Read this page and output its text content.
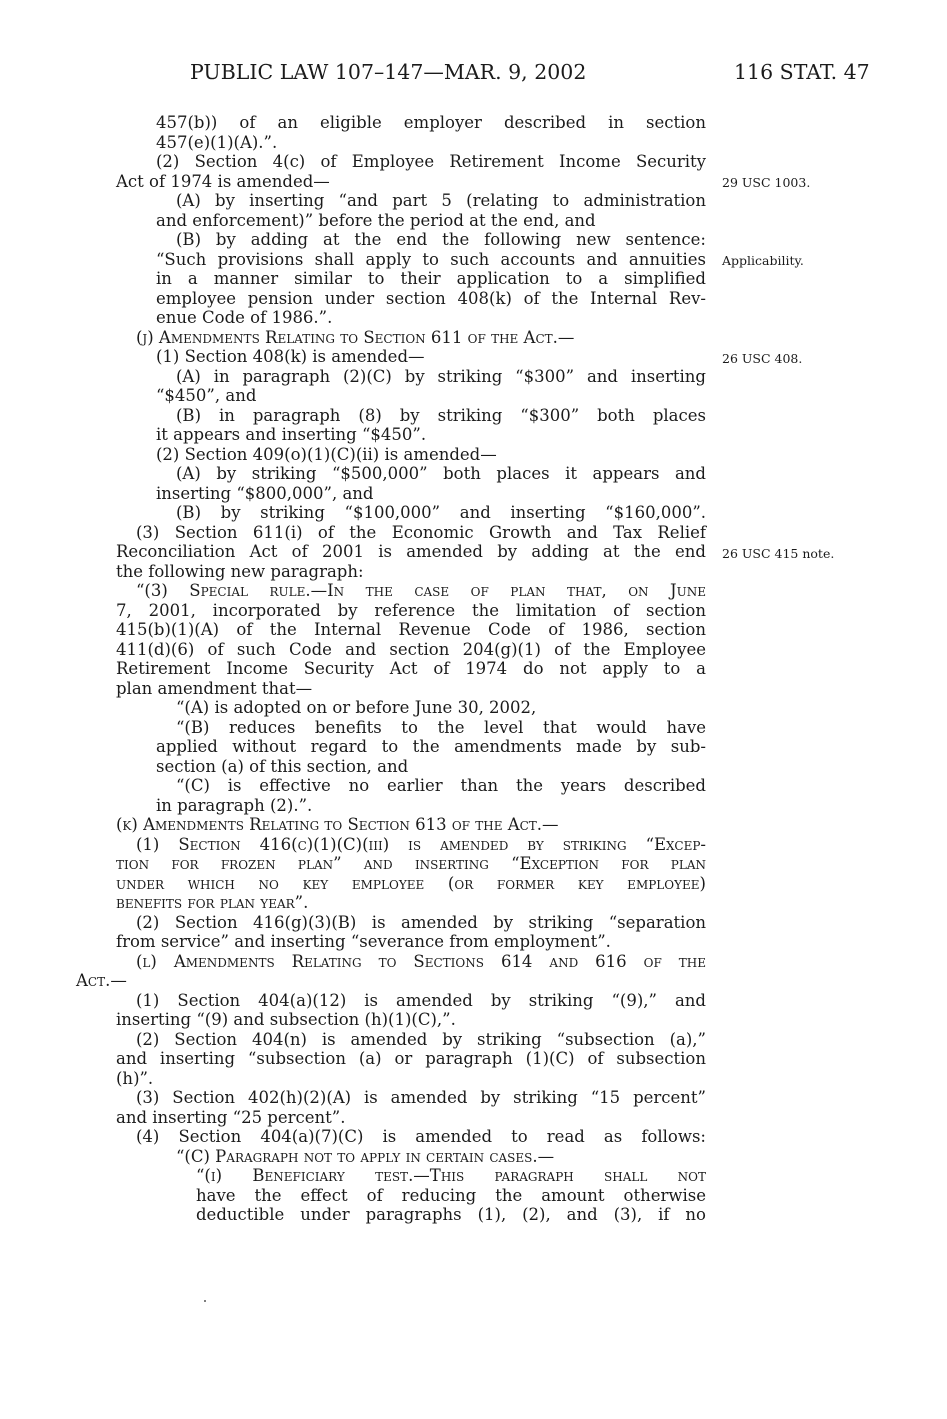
PUBLIC LAW 107–147—MAR. 9, 2002	116 STAT. 47
457(b)) of an eligible employer described in section
457(e)(1)(A).”.
(2) Section 4(c) of Employee Retirement Income Security
Act of 1974 is amended—
(A) by inserting “and part 5 (relating to administration
and enforcement)” before the period at the end, and
(B) by adding at the end the following new sentence:
“Such provisions shall apply to such accounts and annuities
in a manner similar to their application to a simplified
employee pension under section 408(k) of the Internal Rev-
enue Code of 1986.”.
(j) Amendments Relating to Section 611 of the Act.—
(1) Section 408(k) is amended—
(A) in paragraph (2)(C) by striking “$300” and inserting
“$450”, and
(B) in paragraph (8) by striking “$300” both places
it appears and inserting “$450”.
(2) Section 409(o)(1)(C)(ii) is amended—
(A) by striking “$500,000” both places it appears and
inserting “$800,000”, and
(B) by striking “$100,000” and inserting “$160,000”.
(3) Section 611(i) of the Economic Growth and Tax Relief
Reconciliation Act of 2001 is amended by adding at the end
the following new paragraph:
“(3) Special rule.—In the case of plan that, on June
7, 2001, incorporated by reference the limitation of section
415(b)(1)(A) of the Internal Revenue Code of 1986, section
411(d)(6) of such Code and section 204(g)(1) of the Employee
Retirement Income Security Act of 1974 do not apply to a
plan amendment that—
“(A) is adopted on or before June 30, 2002,
“(B) reduces benefits to the level that would have
applied without regard to the amendments made by sub-
section (a) of this section, and
“(C) is effective no earlier than the years described
in paragraph (2).”.
(k) Amendments Relating to Section 613 of the Act.—
(1) Section 416(c)(1)(C)(iii) is amended by striking “Excep-
tion for frozen plan” and inserting “Exception for plan
under which no key employee (or former key employee)
benefits for plan year”.
(2) Section 416(g)(3)(B) is amended by striking “separation
from service” and inserting “severance from employment”.
(l) Amendments Relating to Sections 614 and 616 of the
Act.—
(1) Section 404(a)(12) is amended by striking “(9),” and
inserting “(9) and subsection (h)(1)(C),”.
(2) Section 404(n) is amended by striking “subsection (a),”
and inserting “subsection (a) or paragraph (1)(C) of subsection
(h)”.
(3) Section 402(h)(2)(A) is amended by striking “15 percent”
and inserting “25 percent”.
(4) Section 404(a)(7)(C) is amended to read as follows:
“(C) Paragraph not to apply in certain cases.—
“(i) Beneficiary test.—This paragraph shall not
have the effect of reducing the amount otherwise
deductible under paragraphs (1), (2), and (3), if no
29 USC 1003.
Applicability.
26 USC 408.
26 USC 415 note.
